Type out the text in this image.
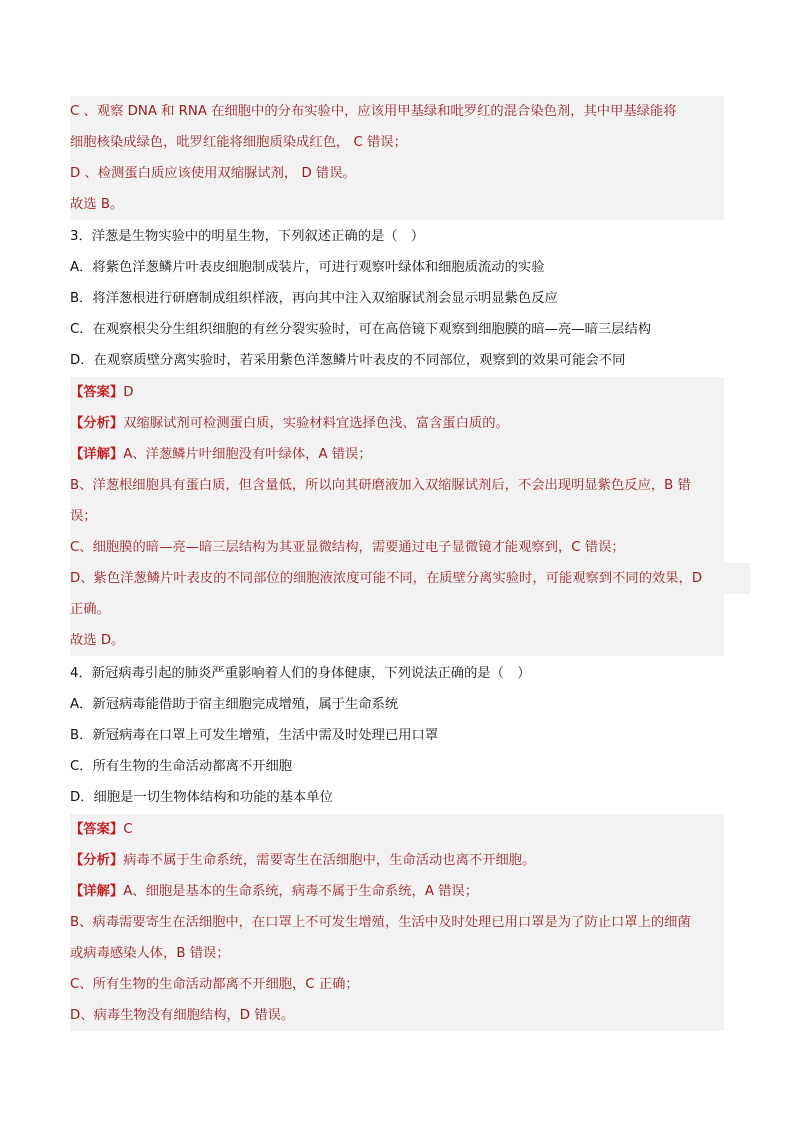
C 、观察 DNA 和 RNA 在细胞中的分布实验中，应该用甲基绿和吡罗红的混合染色剂，其中甲基绿能将
细胞核染成绿色，吡罗红能将细胞质染成红色， C 错误；
D 、检测蛋白质应该使用双缩脲试剂， D 错误。
故选 B。
3．洋葱是生物实验中的明星生物，下列叙述正确的是（　）
A．将紫色洋葱鳞片叶表皮细胞制成装片，可进行观察叶绿体和细胞质流动的实验
B．将洋葱根进行研磨制成组织样液，再向其中注入双缩脲试剂会显示明显紫色反应
C．在观察根尖分生组织细胞的有丝分裂实验时，可在高倍镜下观察到细胞膜的暗—亮—暗三层结构
D．在观察质壁分离实验时，若采用紫色洋葱鳞片叶表皮的不同部位，观察到的效果可能会不同
【答案】D
【分析】双缩脲试剂可检测蛋白质，实验材料宜选择色浅、富含蛋白质的。
【详解】A、洋葱鳞片叶细胞没有叶绿体，A 错误；
B、洋葱根细胞具有蛋白质，但含量低，所以向其研磨液加入双缩脲试剂后，不会出现明显紫色反应，B 错
误；
C、细胞膜的暗—亮—暗三层结构为其亚显微结构，需要通过电子显微镜才能观察到，C 错误；
D、紫色洋葱鳞片叶表皮的不同部位的细胞液浓度可能不同，在质壁分离实验时，可能观察到不同的效果，D
正确。
故选 D。
4．新冠病毒引起的肺炎严重影响着人们的身体健康，下列说法正确的是（　）
A．新冠病毒能借助于宿主细胞完成增殖，属于生命系统
B．新冠病毒在口罩上可发生增殖，生活中需及时处理已用口罩
C．所有生物的生命活动都离不开细胞
D．细胞是一切生物体结构和功能的基本单位
【答案】C
【分析】病毒不属于生命系统，需要寄生在活细胞中，生命活动也离不开细胞。
【详解】A、细胞是基本的生命系统，病毒不属于生命系统，A 错误；
B、病毒需要寄生在活细胞中，在口罩上不可发生增殖，生活中及时处理已用口罩是为了防止口罩上的细菌
或病毒感染人体，B 错误；
C、所有生物的生命活动都离不开细胞，C 正确；
D、病毒生物没有细胞结构，D 错误。
